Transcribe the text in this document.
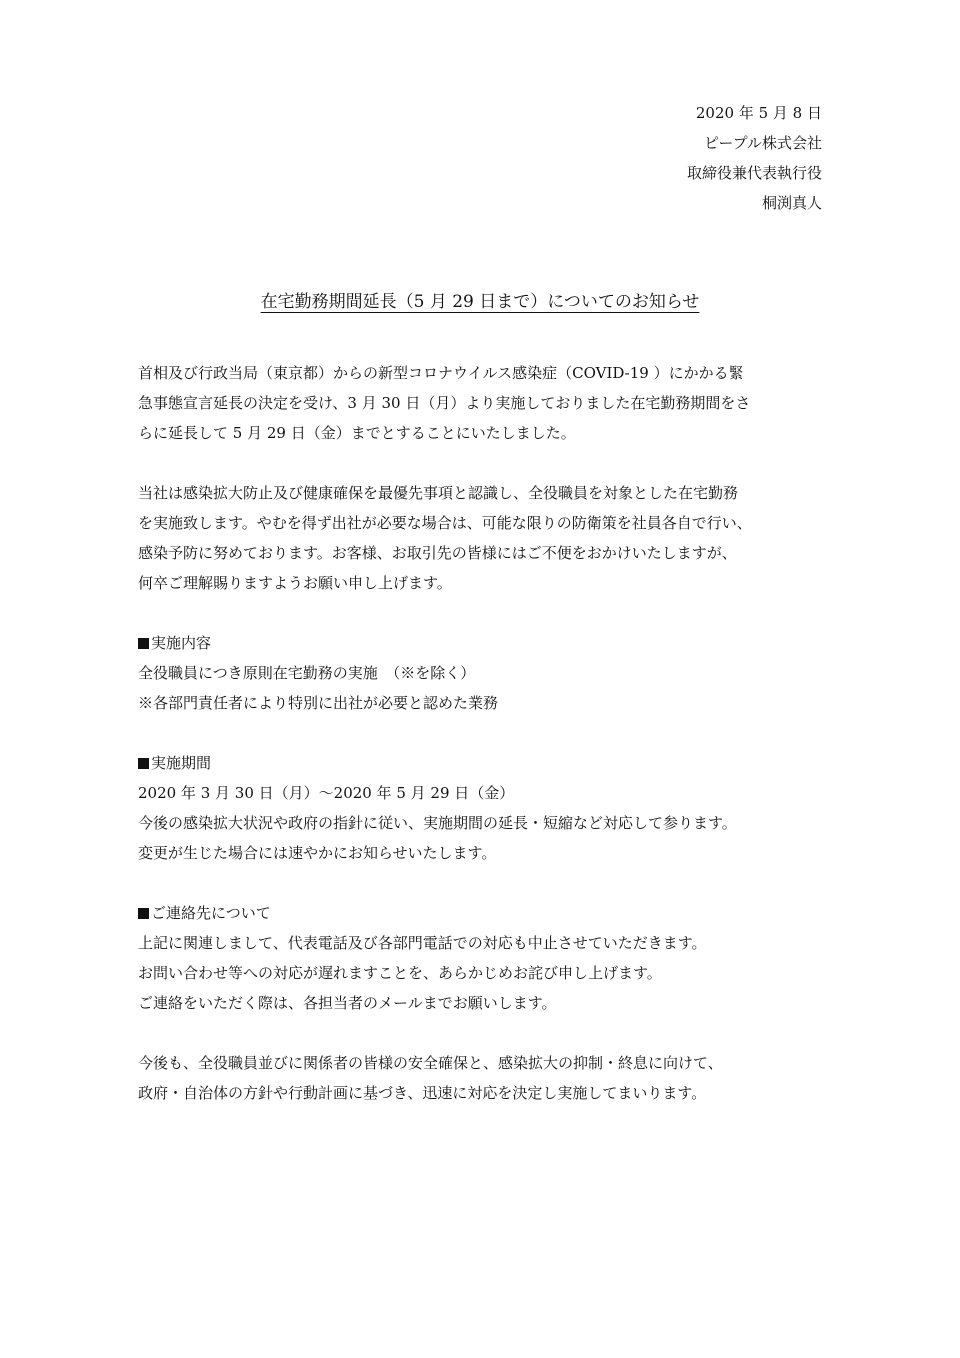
2020 年 5 月 8 日
ピープル株式会社
取締役兼代表執行役
桐渕真人
在宅勤務期間延長（5 月 29 日まで）についてのお知らせ
首相及び行政当局（東京都）からの新型コロナウイルス感染症（COVID-19 ）にかかる緊
急事態宣言延長の決定を受け、3 月 30 日（月）より実施しておりました在宅勤務期間をさ
らに延長して 5 月 29 日（金）までとすることにいたしました。
当社は感染拡大防止及び健康確保を最優先事項と認識し、全役職員を対象とした在宅勤務
を実施致します。やむを得ず出社が必要な場合は、可能な限りの防衛策を社員各自で行い、
感染予防に努めております。お客様、お取引先の皆様にはご不便をおかけいたしますが、
何卒ご理解賜りますようお願い申し上げます。
実施内容
全役職員につき原則在宅勤務の実施　（※を除く）
※各部門責任者により特別に出社が必要と認めた業務
実施期間
2020 年 3 月 30 日（月）～2020 年 5 月 29 日（金）
今後の感染拡大状況や政府の指針に従い、実施期間の延長・短縮など対応して参ります。
変更が生じた場合には速やかにお知らせいたします。
ご連絡先について
上記に関連しまして、代表電話及び各部門電話での対応も中止させていただきます。
お問い合わせ等への対応が遅れますことを、あらかじめお詫び申し上げます。
ご連絡をいただく際は、各担当者のメールまでお願いします。
今後も、全役職員並びに関係者の皆様の安全確保と、感染拡大の抑制・終息に向けて、
政府・自治体の方針や行動計画に基づき、迅速に対応を決定し実施してまいります。
